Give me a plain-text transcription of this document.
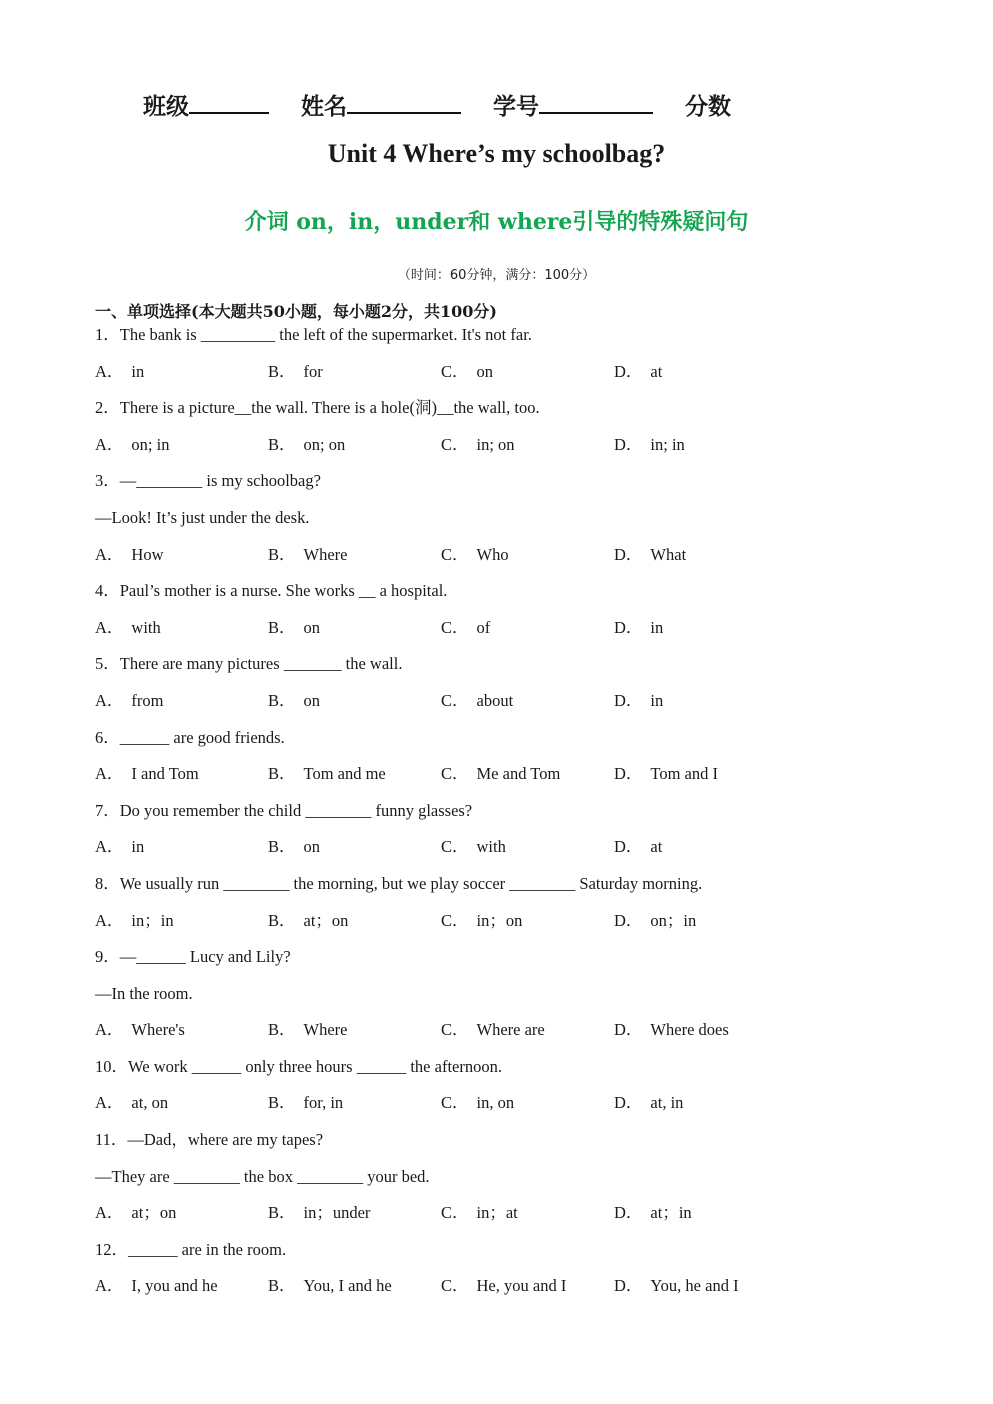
班级	姓名	学号	分数
Unit 4 Where’s my schoolbag?
介词 on，in，under和 where引导的特殊疑问句
（时间：60分钟，满分：100分）
一、单项选择(本大题共50小题，每小题2分，共100分)
1．The bank is _________ the left of the supermarket. It's not far.
A． in	B． for	C． on	D． at
2．There is a picture__the wall. There is a hole(洞)__the wall, too.
A． on; in	B． on; on	C． in; on	D． in; in
3．—________ is my schoolbag?
—Look! It’s just under the desk.
A． How	B． Where	C． Who	D． What
4．Paul’s mother is a nurse. She works __ a hospital.
A． with	B． on	C． of	D． in
5．There are many pictures _______ the wall.
A． from	B． on	C． about	D． in
6．______ are good friends.
A． I and Tom	B． Tom and me	C． Me and Tom	D． Tom and I
7．Do you remember the child ________ funny glasses?
A． in	B． on	C． with	D． at
8．We usually run ________ the morning, but we play soccer ________ Saturday morning.
A． in；in	B． at；on	C． in；on	D． on；in
9．—______ Lucy and Lily?
—In the room.
A． Where's	B． Where	C． Where are	D． Where does
10．We work ______ only three hours ______ the afternoon.
A． at, on	B． for, in	C． in, on	D． at, in
11．—Dad，where are my tapes?
—They are ________ the box ________ your bed.
A． at；on	B． in；under	C． in；at	D． at；in
12．______ are in the room.
A． I, you and he	B． You, I and he	C． He, you and I	D． You, he and I
